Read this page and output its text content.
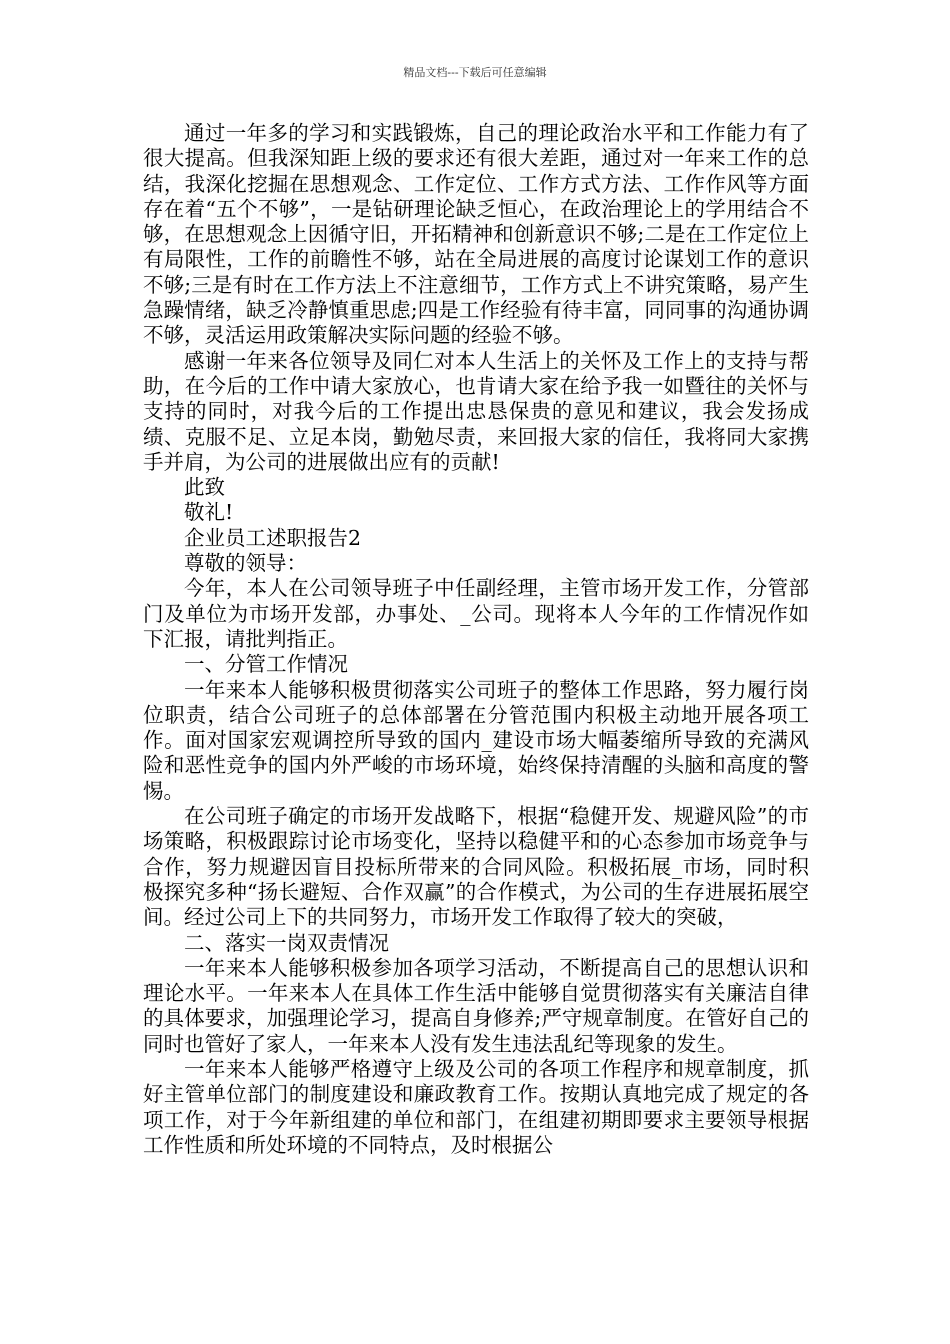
精品文档---下载后可任意编辑

通过一年多的学习和实践锻炼，自己的理论政治水平和工作能力有了很大提高。但我深知距上级的要求还有很大差距，通过对一年来工作的总结，我深化挖掘在思想观念、工作定位、工作方式方法、工作作风等方面存在着“五个不够”，一是钻研理论缺乏恒心，在政治理论上的学用结合不够，在思想观念上因循守旧，开拓精神和创新意识不够;二是在工作定位上有局限性，工作的前瞻性不够，站在全局进展的高度讨论谋划工作的意识不够;三是有时在工作方法上不注意细节，工作方式上不讲究策略，易产生急躁情绪，缺乏冷静慎重思虑;四是工作经验有待丰富，同同事的沟通协调不够，灵活运用政策解决实际问题的经验不够。

感谢一年来各位领导及同仁对本人生活上的关怀及工作上的支持与帮助，在今后的工作中请大家放心，也肯请大家在给予我一如暨往的关怀与支持的同时，对我今后的工作提出忠恳保贵的意见和建议，我会发扬成绩、克服不足、立足本岗，勤勉尽责，来回报大家的信任，我将同大家携手并肩，为公司的进展做出应有的贡献!

此致

敬礼!

企业员工述职报告2

尊敬的领导：

今年，本人在公司领导班子中任副经理，主管市场开发工作，分管部门及单位为市场开发部，办事处、_公司。现将本人今年的工作情况作如下汇报，请批判指正。

一、分管工作情况

一年来本人能够积极贯彻落实公司班子的整体工作思路，努力履行岗位职责，结合公司班子的总体部署在分管范围内积极主动地开展各项工作。面对国家宏观调控所导致的国内_建设市场大幅萎缩所导致的充满风险和恶性竞争的国内外严峻的市场环境，始终保持清醒的头脑和高度的警惕。

在公司班子确定的市场开发战略下，根据“稳健开发、规避风险”的市场策略，积极跟踪讨论市场变化，坚持以稳健平和的心态参加市场竞争与合作，努力规避因盲目投标所带来的合同风险。积极拓展_市场，同时积极探究多种“扬长避短、合作双赢”的合作模式，为公司的生存进展拓展空间。经过公司上下的共同努力，市场开发工作取得了较大的突破，

二、落实一岗双责情况

一年来本人能够积极参加各项学习活动，不断提高自己的思想认识和理论水平。一年来本人在具体工作生活中能够自觉贯彻落实有关廉洁自律的具体要求，加强理论学习，提高自身修养;严守规章制度。在管好自己的同时也管好了家人，一年来本人没有发生违法乱纪等现象的发生。

一年来本人能够严格遵守上级及公司的各项工作程序和规章制度，抓好主管单位部门的制度建设和廉政教育工作。按期认真地完成了规定的各项工作，对于今年新组建的单位和部门，在组建初期即要求主要领导根据工作性质和所处环境的不同特点，及时根据公
